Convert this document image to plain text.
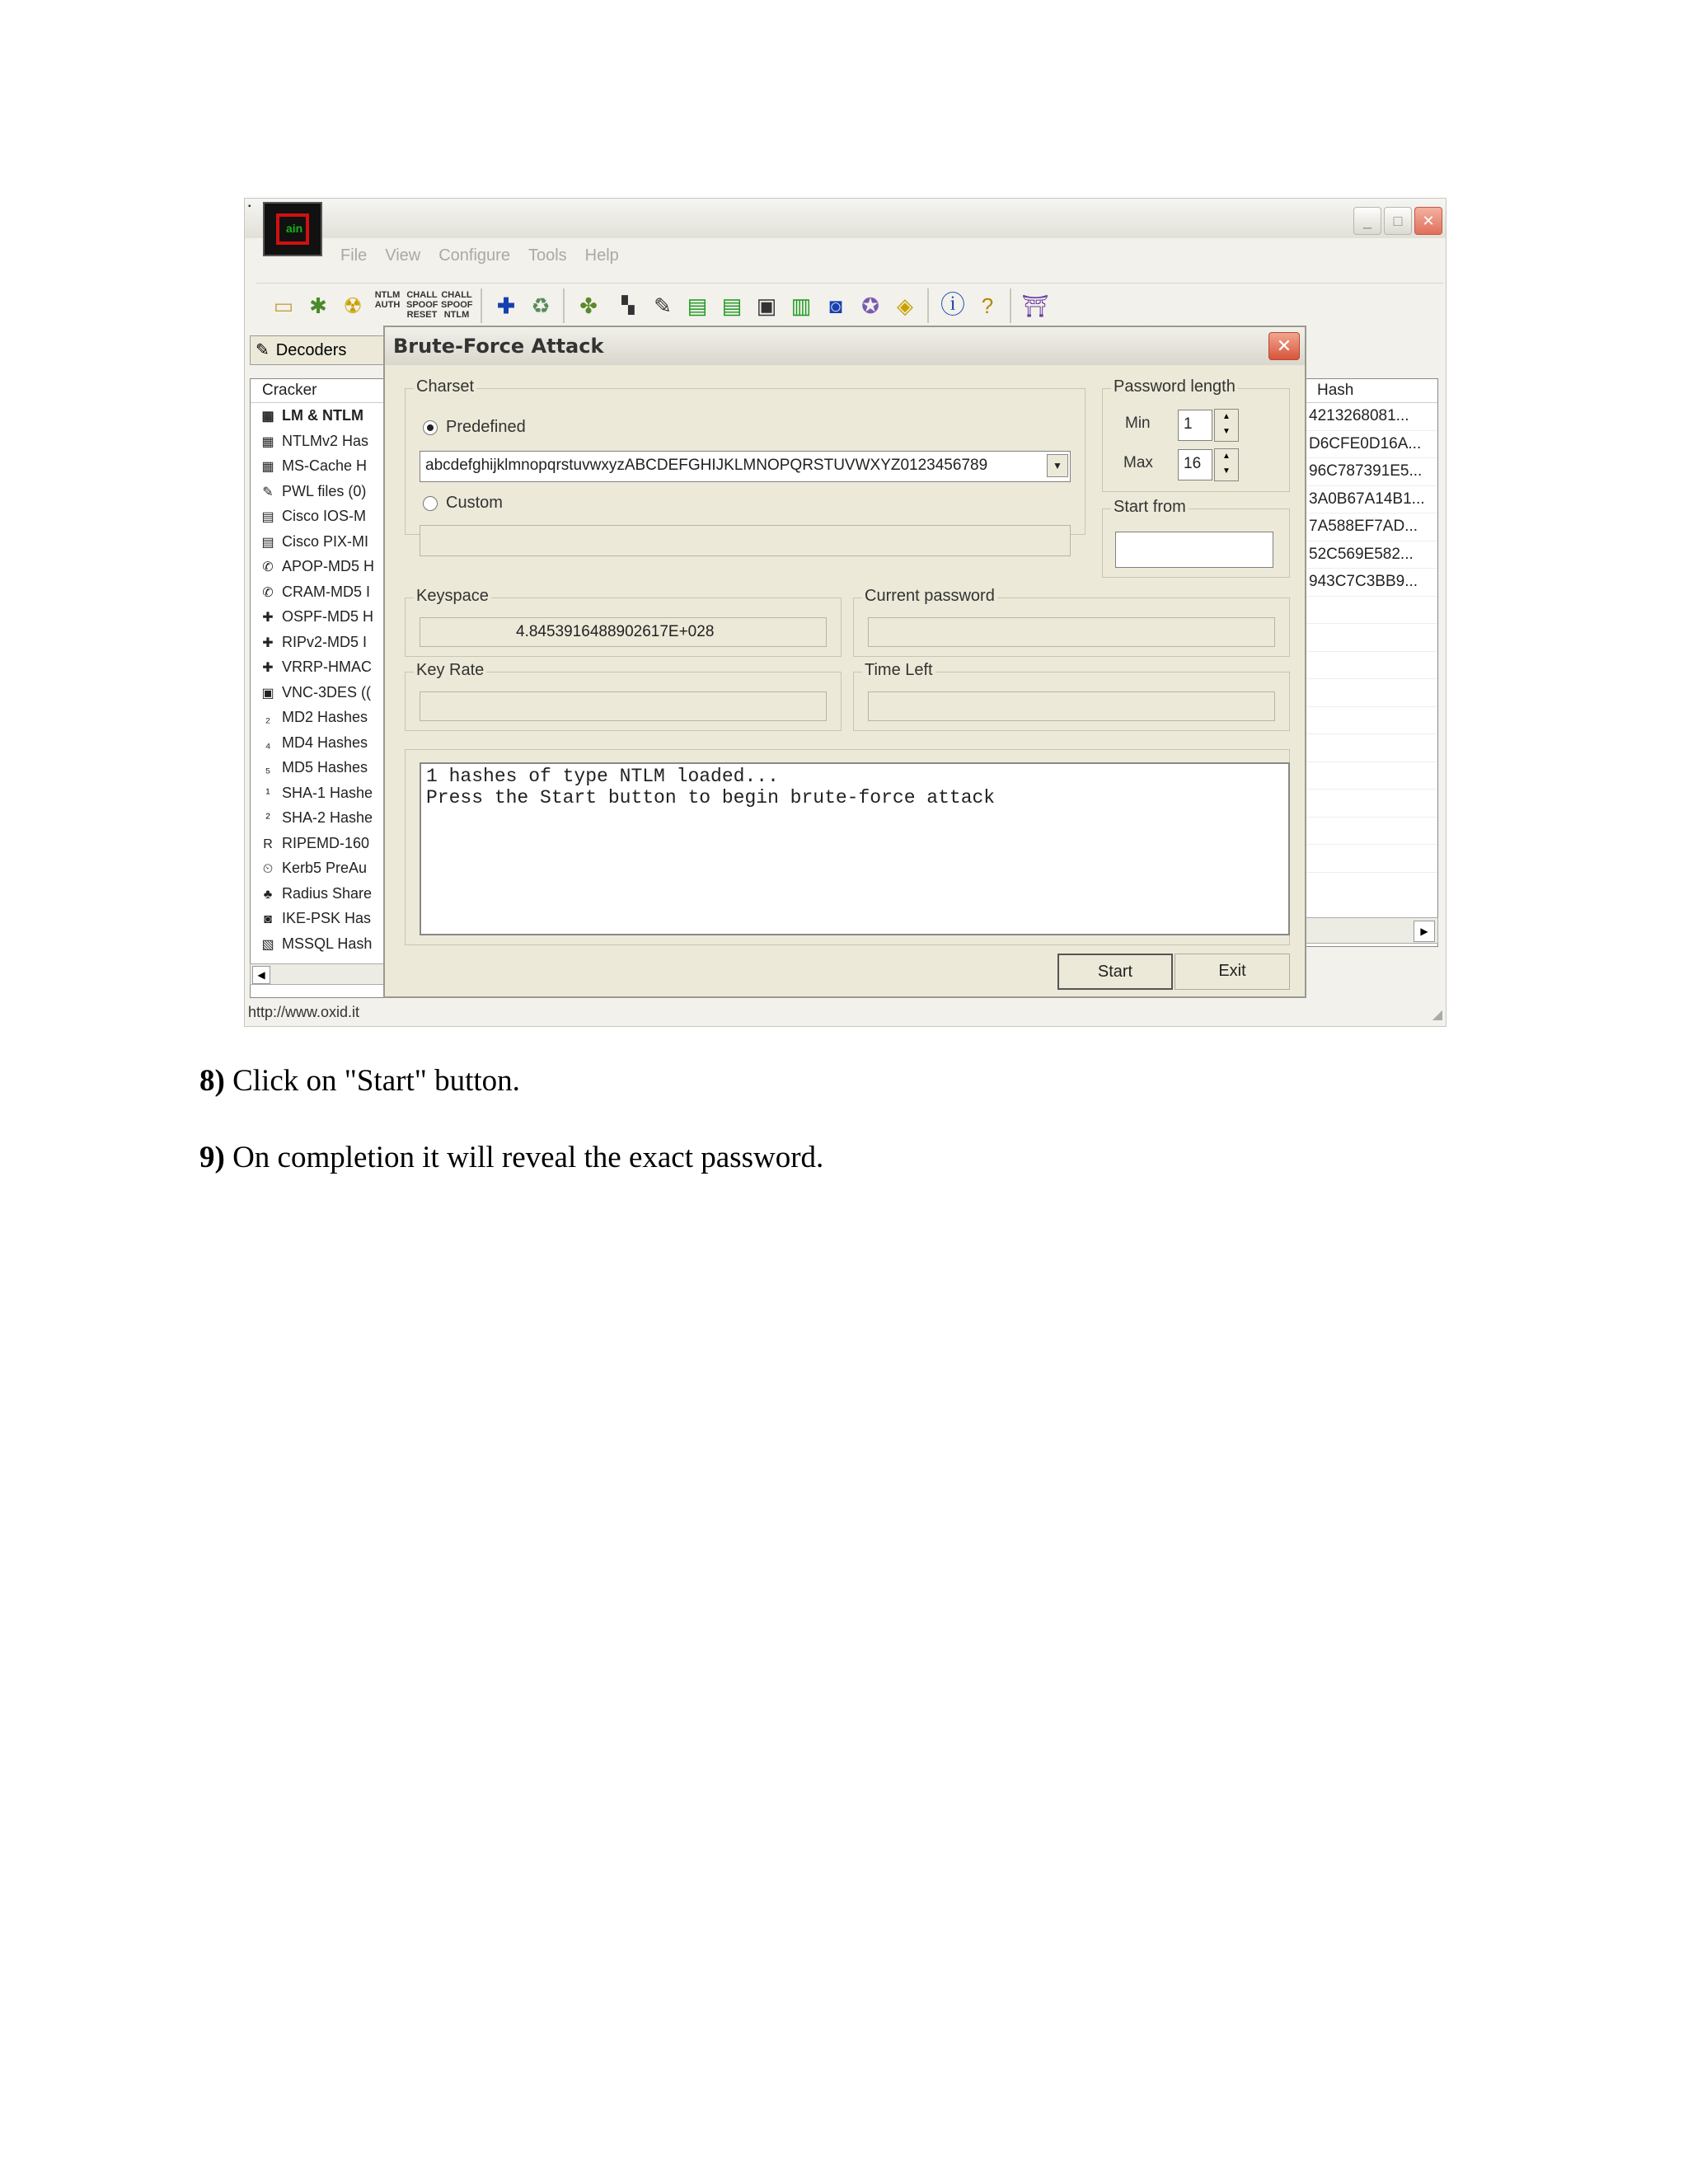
▪
_	□	✕
ain
File View Configure Tools Help
▭ ✱ ☢	NTLM AUTH
CHALL SPOOF RESET
CHALL SPOOF NTLM	✚ ♻	✤	▚ ✎ ▤ ▤ ▣ ▥ ◙ ✪ ◈	ⓘ ?	⛩
✎ Decoders
Cracker
▦ LM & NTLM
▦ NTLMv2 Has
▦ MS-Cache H
✎ PWL files (0)
▤ Cisco IOS-M
▤ Cisco PIX-MI
✆ APOP-MD5 H
✆ CRAM-MD5 I
✚ OSPF-MD5 H
✚ RIPv2-MD5 I
✚ VRRP-HMAC
▣ VNC-3DES ((
₂ MD2 Hashes
₄ MD4 Hashes
₅ MD5 Hashes
¹ SHA-1 Hashe
² SHA-2 Hashe
R RIPEMD-160
⏲ Kerb5 PreAu
♣ Radius Share
◙ IKE-PSK Has
▧ MSSQL Hash
◀
Hash
4213268081...
D6CFE0D16A...
96C787391E5...
3A0B67A14B1...
7A588EF7AD...
52C569E582...
943C7C3BB9...
▶
http://www.oxid.it
Brute-Force Attack	✕
Charset
Predefined
abcdefghijklmnopqrstuvwxyzABCDEFGHIJKLMNOPQRSTUVWXYZ0123456789	▼
Custom
Password length
Min	1	▲
▼
Max	16	▲
▼
Start from
Keyspace
4.8453916488902617E+028
Current password
Key Rate	Time Left
1 hashes of type NTLM loaded...
Press the Start button to begin brute-force attack
Start	Exit
◢
8) Click on "Start" button.
9) On completion it will reveal the exact password.
